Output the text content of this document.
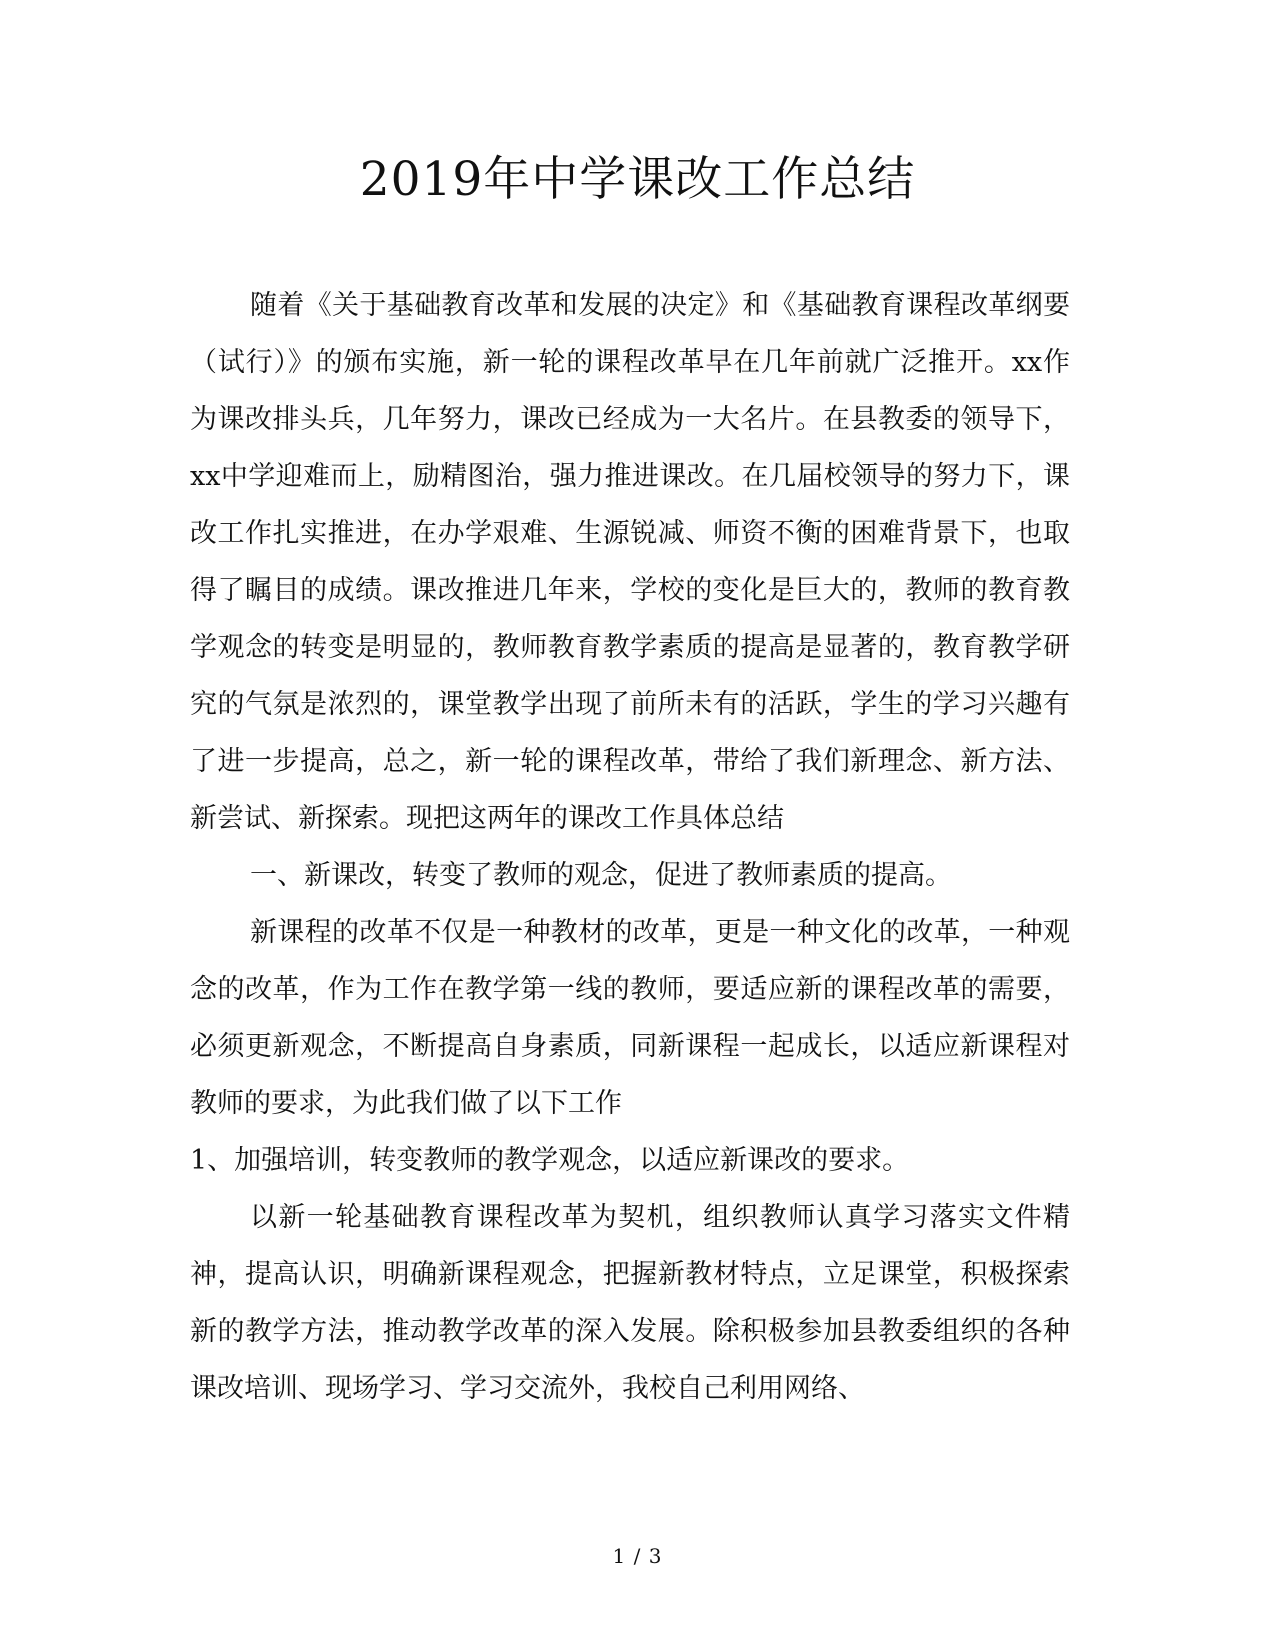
2019年中学课改工作总结

随着《关于基础教育改革和发展的决定》和《基础教育课程改革纲要（试行）》的颁布实施，新一轮的课程改革早在几年前就广泛推开。xx作为课改排头兵，几年努力，课改已经成为一大名片。在县教委的领导下，xx中学迎难而上，励精图治，强力推进课改。在几届校领导的努力下，课改工作扎实推进，在办学艰难、生源锐减、师资不衡的困难背景下，也取得了瞩目的成绩。课改推进几年来，学校的变化是巨大的，教师的教育教学观念的转变是明显的，教师教育教学素质的提高是显著的，教育教学研究的气氛是浓烈的，课堂教学出现了前所未有的活跃，学生的学习兴趣有了进一步提高，总之，新一轮的课程改革，带给了我们新理念、新方法、新尝试、新探索。现把这两年的课改工作具体总结

一、新课改，转变了教师的观念，促进了教师素质的提高。

新课程的改革不仅是一种教材的改革，更是一种文化的改革，一种观念的改革，作为工作在教学第一线的教师，要适应新的课程改革的需要，必须更新观念，不断提高自身素质，同新课程一起成长，以适应新课程对教师的要求，为此我们做了以下工作

1、加强培训，转变教师的教学观念，以适应新课改的要求。

以新一轮基础教育课程改革为契机，组织教师认真学习落实文件精神，提高认识，明确新课程观念，把握新教材特点，立足课堂，积极探索新的教学方法，推动教学改革的深入发展。除积极参加县教委组织的各种课改培训、现场学习、学习交流外，我校自己利用网络、

1 / 3
